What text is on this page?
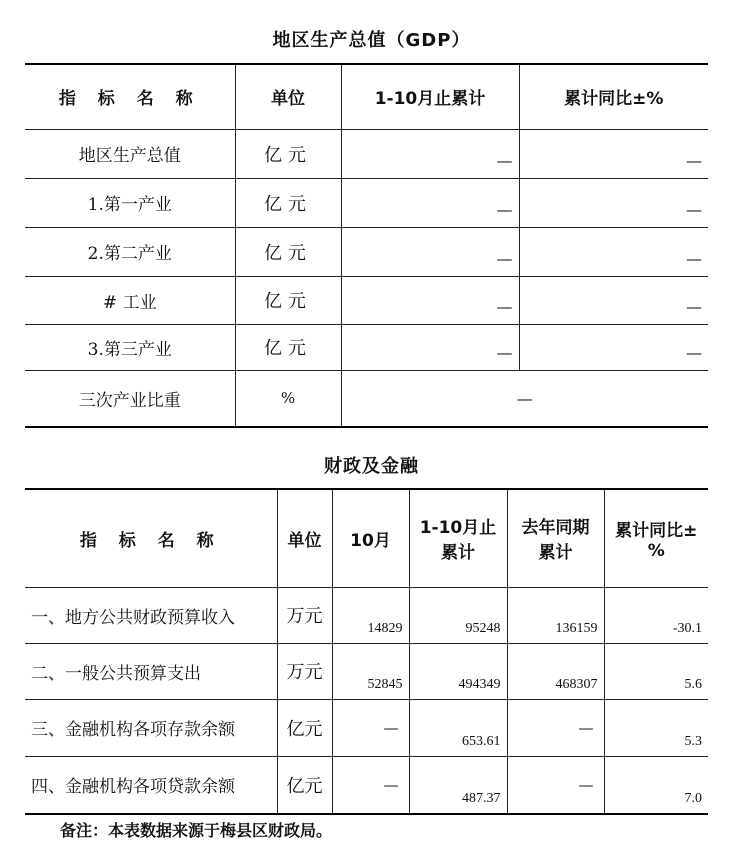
地区生产总值（GDP）
指 标 名 称	单位	1-10月止累计	累计同比±%
地区生产总值	亿元	—	—
1.第一产业	亿元	—	—
2.第二产业	亿元	—	—
# 工业	亿元	—	—
3.第三产业	亿元	—	—
三次产业比重	%	—	
财政及金融
指 标 名 称	单位	10月	1-10月止累计	去年同期累计	累计同比±%
一、地方公共财政预算收入	万元	14829	95248	136159	-30.1
二、一般公共预算支出	万元	52845	494349	468307	5.6
三、金融机构各项存款余额	亿元	—	653.61	—	5.3
四、金融机构各项贷款余额	亿元	—	487.37	—	7.0
备注：本表数据来源于梅县区财政局。
